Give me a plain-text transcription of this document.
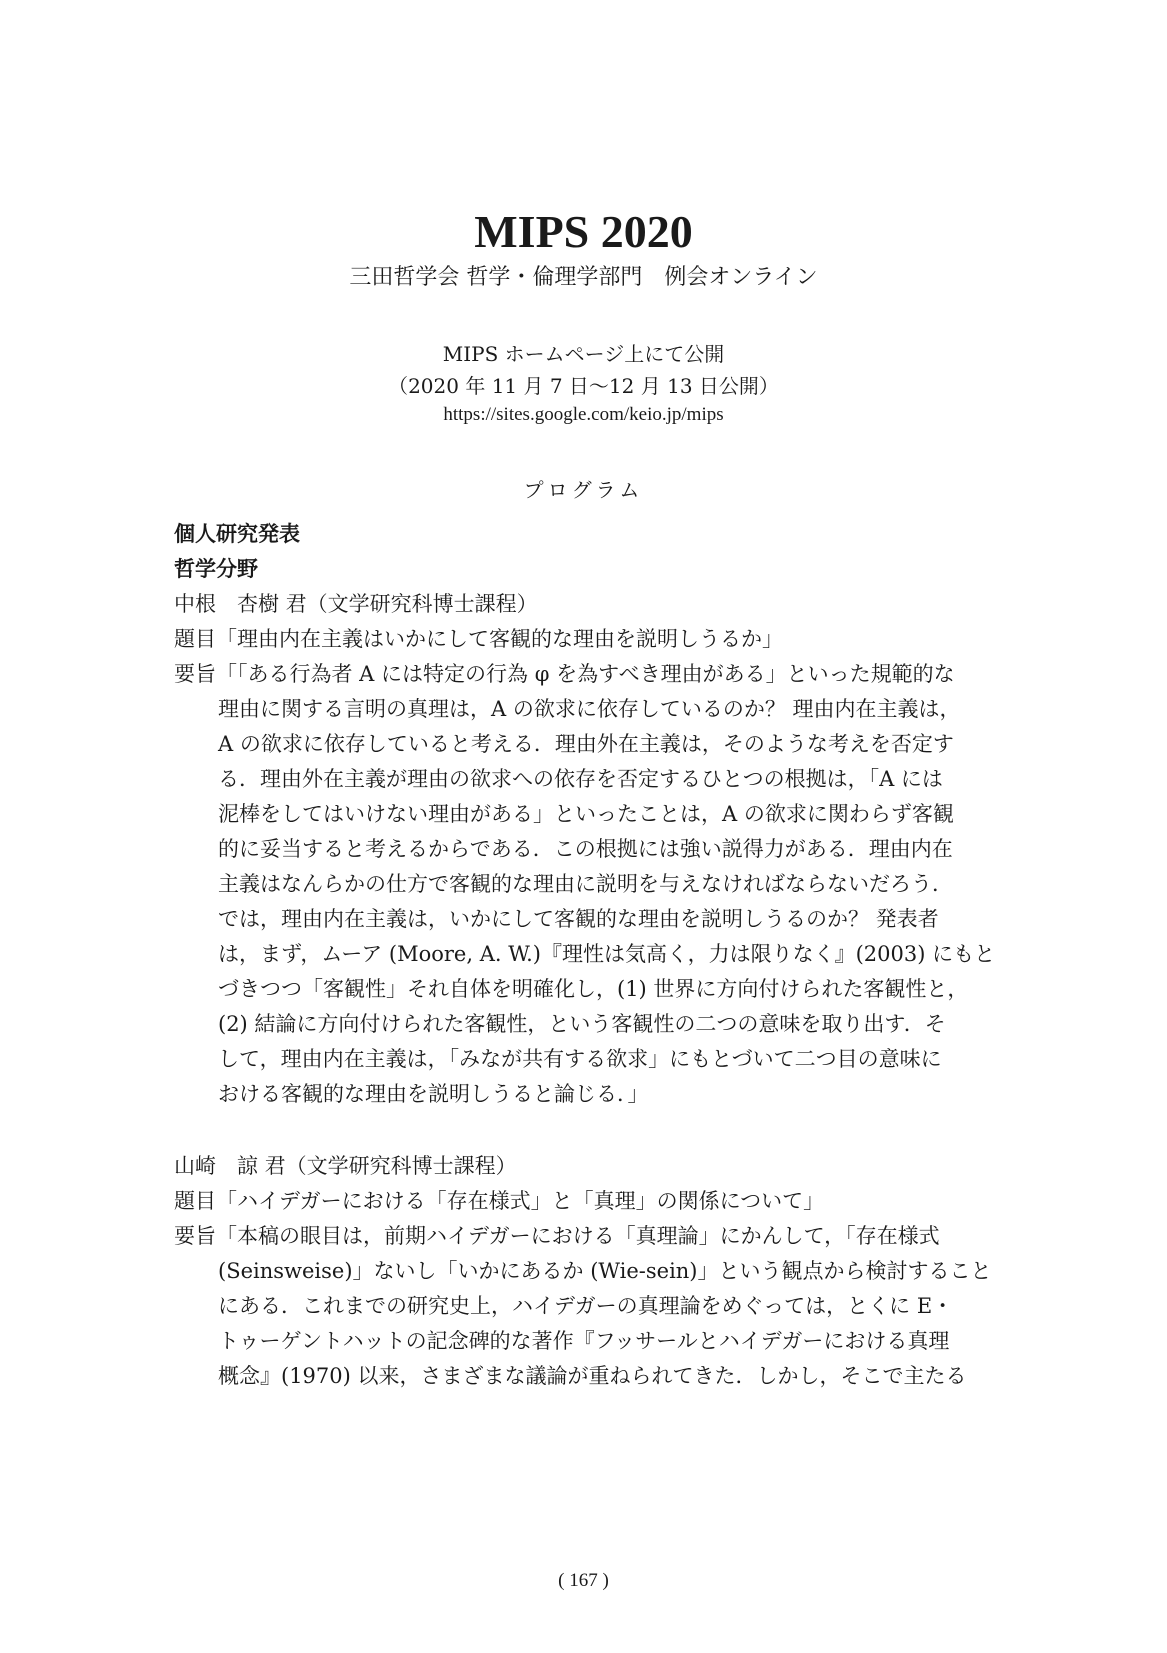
MIPS 2020
三田哲学会 哲学・倫理学部門　例会オンライン
MIPS ホームページ上にて公開
（2020 年 11 月 7 日～12 月 13 日公開）
https://sites.google.com/keio.jp/mips
プログラム
個人研究発表
哲学分野
中根　杏樹 君（文学研究科博士課程）
題目「理由内在主義はいかにして客観的な理由を説明しうるか」
要旨「「ある行為者 A には特定の行為 φ を為すべき理由がある」といった規範的な
理由に関する言明の真理は，A の欲求に依存しているのか？ 理由内在主義は，
A の欲求に依存していると考える．理由外在主義は，そのような考えを否定す
る．理由外在主義が理由の欲求への依存を否定するひとつの根拠は，「A には
泥棒をしてはいけない理由がある」といったことは，A の欲求に関わらず客観
的に妥当すると考えるからである．この根拠には強い説得力がある．理由内在
主義はなんらかの仕方で客観的な理由に説明を与えなければならないだろう．
では，理由内在主義は，いかにして客観的な理由を説明しうるのか？ 発表者
は，まず，ムーア (Moore, A. W.)『理性は気高く，力は限りなく』(2003) にもと
づきつつ「客観性」それ自体を明確化し，(1) 世界に方向付けられた客観性と，
(2) 結論に方向付けられた客観性，という客観性の二つの意味を取り出す．そ
して，理由内在主義は，「みなが共有する欲求」にもとづいて二つ目の意味に
おける客観的な理由を説明しうると論じる．」
山崎　諒 君（文学研究科博士課程）
題目「ハイデガーにおける「存在様式」と「真理」の関係について」
要旨「本稿の眼目は，前期ハイデガーにおける「真理論」にかんして，「存在様式
(Seinsweise)」ないし「いかにあるか (Wie-sein)」という観点から検討すること
にある．これまでの研究史上，ハイデガーの真理論をめぐっては，とくに E・
トゥーゲントハットの記念碑的な著作『フッサールとハイデガーにおける真理
概念』(1970) 以来，さまざまな議論が重ねられてきた．しかし，そこで主たる
( 167 )
